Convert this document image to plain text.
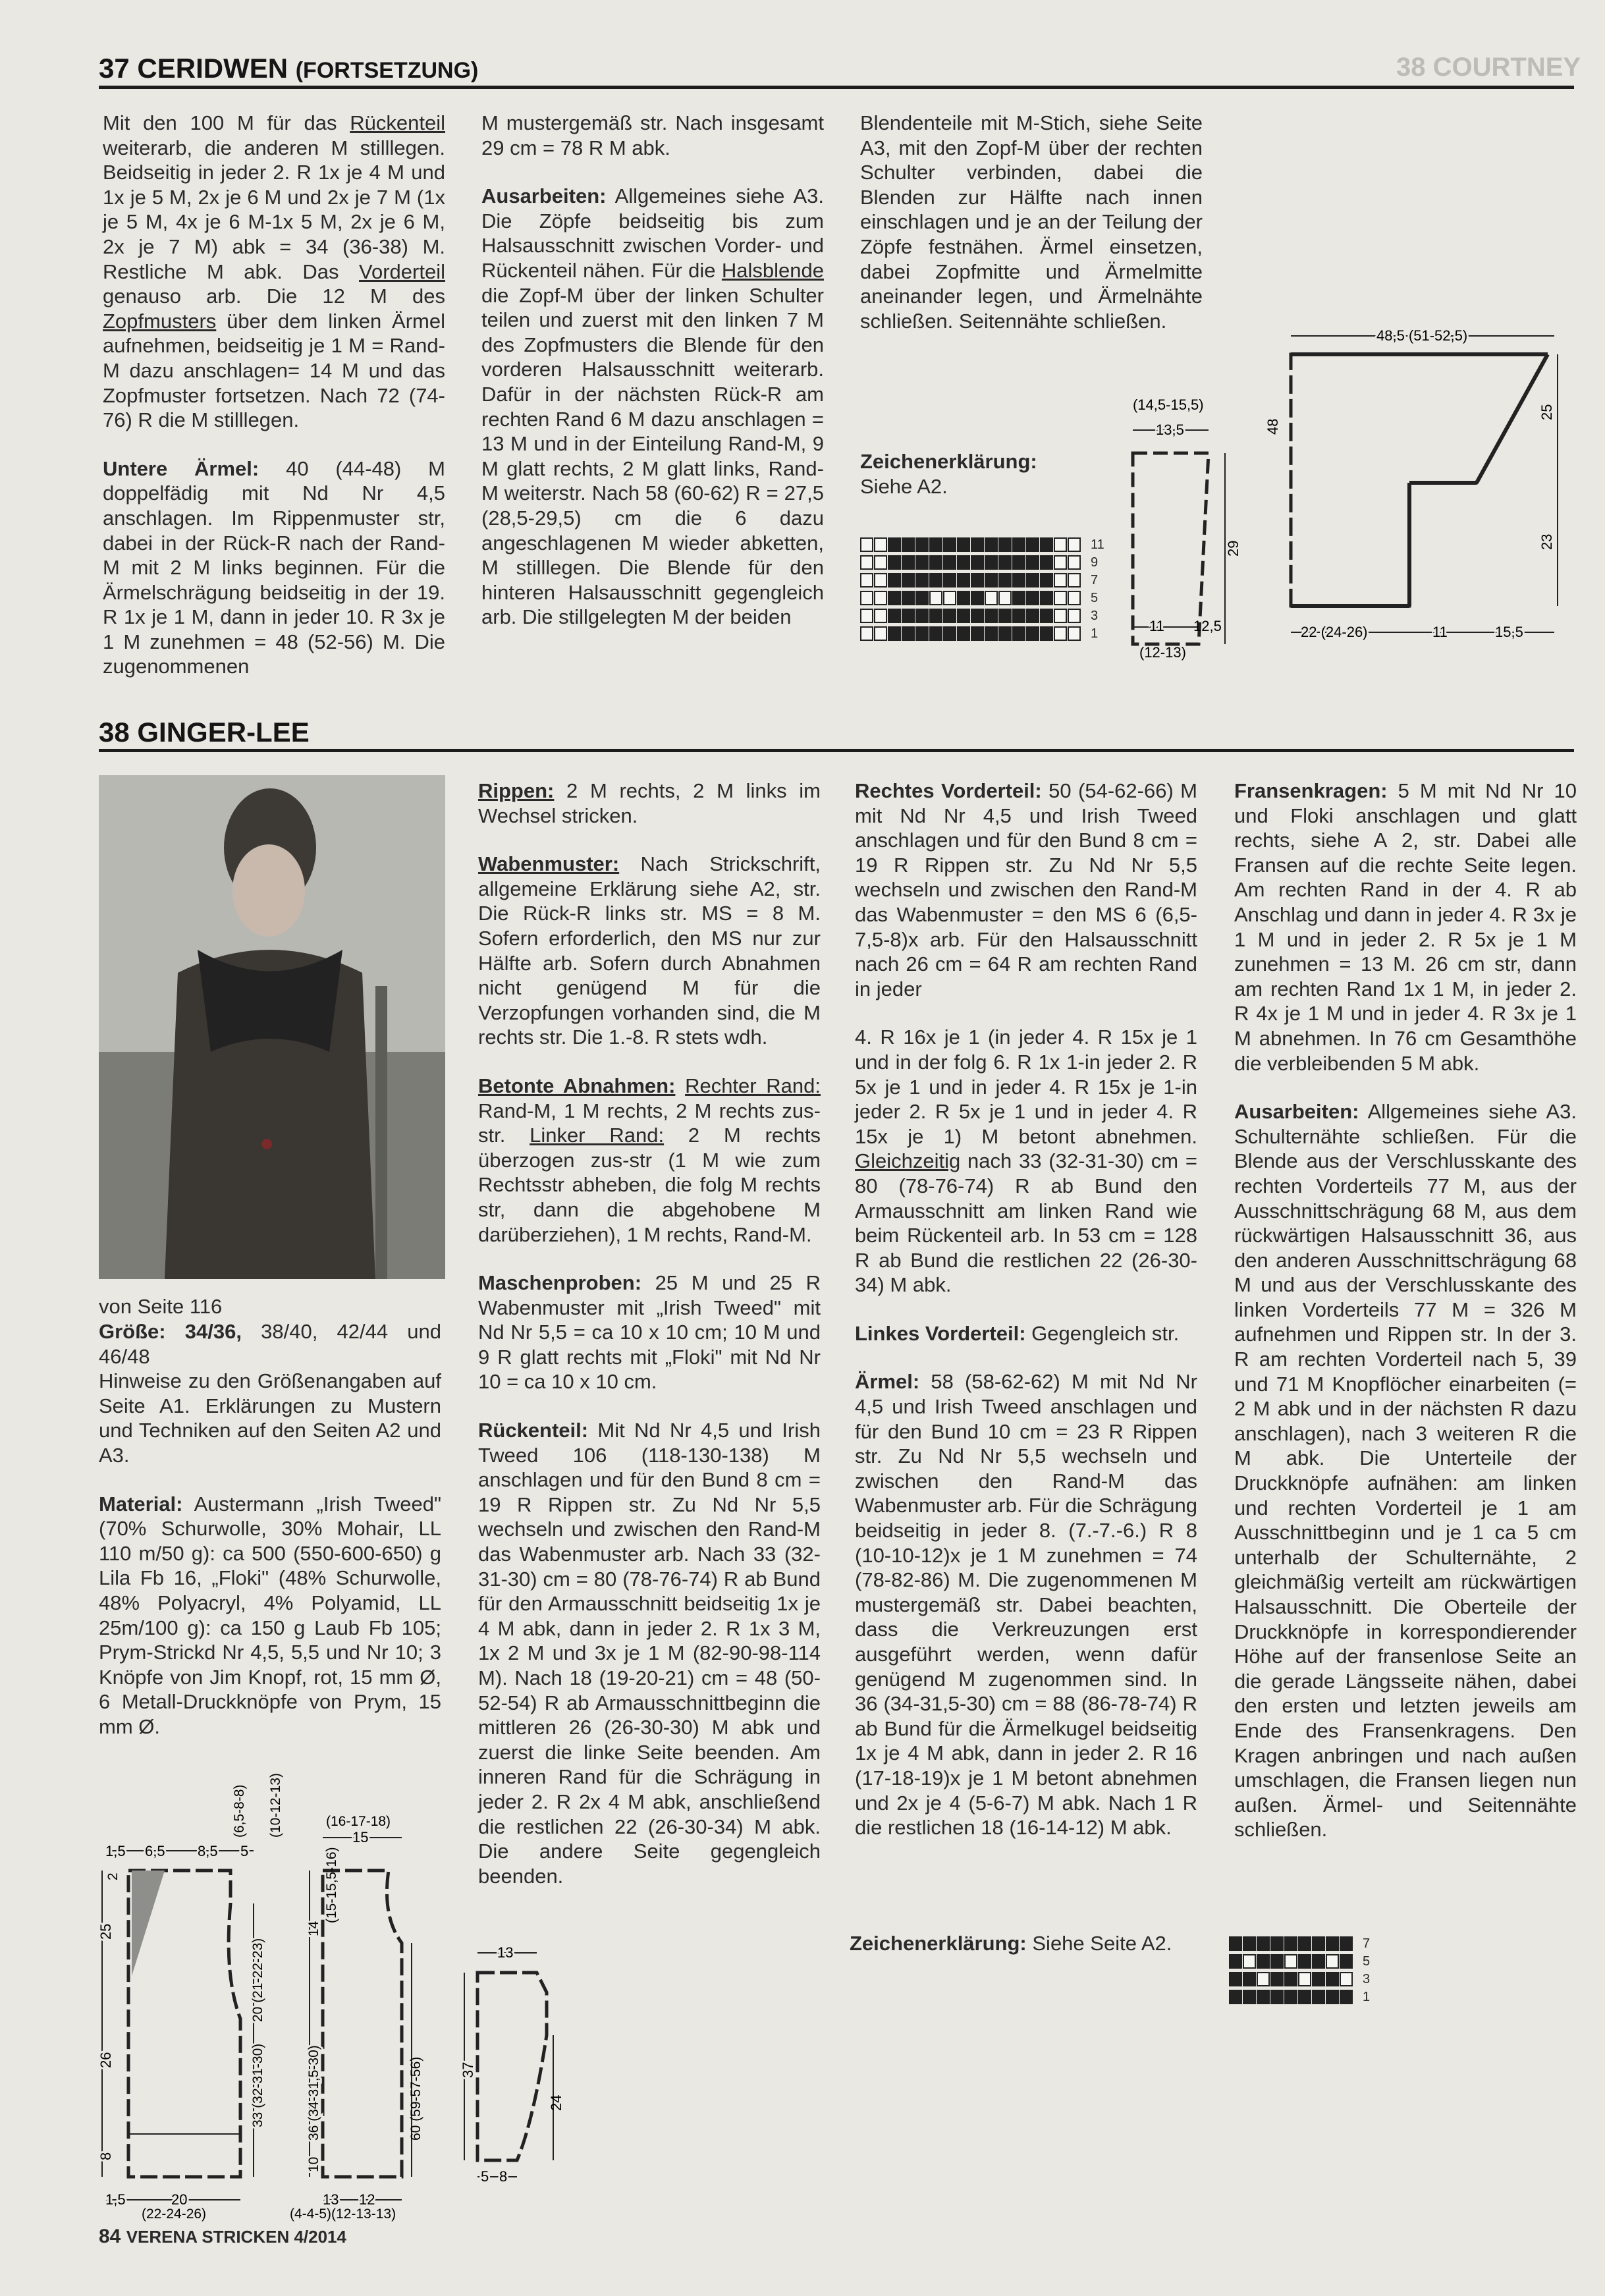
38 COURTNEY
37 CERIDWEN (FORTSETZUNG)

Mit den 100 M für das Rückenteil weiterarb, die anderen M stilllegen. Beidseitig in jeder 2. R 1x je 4 M und 1x je 5 M, 2x je 6 M und 2x je 7 M (1x je 5 M, 4x je 6 M-1x 5 M, 2x je 6 M, 2x je 7 M) abk = 34 (36-38) M. Restliche M abk. Das Vorderteil genauso arb. Die 12 M des Zopfmusters über dem linken Ärmel aufnehmen, beidseitig je 1 M = Rand-M dazu anschlagen= 14 M und das Zopfmuster fortsetzen. Nach 72 (74-76) R die M stilllegen.

Untere Ärmel: 40 (44-48) M doppelfädig mit Nd Nr 4,5 anschlagen. Im Rippenmuster str, dabei in der Rück-R nach der Rand-M mit 2 M links beginnen. Für die Ärmelschrägung beidseitig in der 19. R 1x je 1 M, dann in jeder 10. R 3x je 1 M zunehmen = 48 (52-56) M. Die zugenommenen

M mustergemäß str. Nach insgesamt 29 cm = 78 R M abk.

Ausarbeiten: Allgemeines siehe A3. Die Zöpfe beidseitig bis zum Halsausschnitt zwischen Vorder- und Rückenteil nähen. Für die Halsblende die Zopf-M über der linken Schulter teilen und zuerst mit den linken 7 M des Zopfmusters die Blende für den vorderen Halsausschnitt weiterarb. Dafür in der nächsten Rück-R am rechten Rand 6 M dazu anschlagen = 13 M und in der Einteilung Rand-M, 9 M glatt rechts, 2 M glatt links, Rand-M weiterstr. Nach 58 (60-62) R = 27,5 (28,5-29,5) cm die 6 dazu angeschlagenen M wieder abketten, M stilllegen. Die Blende für den hinteren Halsausschnitt gegengleich arb. Die stillgelegten M der beiden

Blendenteile mit M-Stich, siehe Seite A3, mit den Zopf-M über der rechten Schulter verbinden, dabei die Blenden zur Hälfte nach innen einschlagen und je an der Teilung der Zöpfe festnähen. Ärmel einsetzen, dabei Zopfmitte und Ärmelmitte aneinander legen, und Ärmelnähte schließen. Seitennähte schließen.

Zeichenerklärung:
Siehe A2.
11
9
7
5
3
1
(14,5-15,5)
13,5
29
11 12,5
(12-13)
48,5 (51-52,5)
48
25
23
22 (24-26)	11	15,5
38 GINGER-LEE
von Seite 116

Größe: 34/36, 38/40, 42/44 und 46/48
Hinweise zu den Größenangaben auf Seite A1. Erklärungen zu Mustern und Techniken auf den Seiten A2 und A3.

Material: Austermann „Irish Tweed" (70% Schurwolle, 30% Mohair, LL 110 m/50 g): ca 500 (550-600-650) g Lila Fb 16, „Floki" (48% Schurwolle, 48% Polyacryl, 4% Polyamid, LL 25m/100 g): ca 150 g Laub Fb 105; Prym-Strickd Nr 4,5, 5,5 und Nr 10; 3 Knöpfe von Jim Knopf, rot, 15 mm Ø, 6 Metall-Druckknöpfe von Prym, 15 mm Ø.

Rippen: 2 M rechts, 2 M links im Wechsel stricken.

Wabenmuster: Nach Strickschrift, allgemeine Erklärung siehe A2, str. Die Rück-R links str. MS = 8 M. Sofern erforderlich, den MS nur zur Hälfte arb. Sofern durch Abnahmen nicht genügend M für die Verzopfungen vorhanden sind, die M rechts str. Die 1.-8. R stets wdh.

Betonte Abnahmen: Rechter Rand: Rand-M, 1 M rechts, 2 M rechts zus-str. Linker Rand: 2 M rechts überzogen zus-str (1 M wie zum Rechtsstr abheben, die folg M rechts str, dann die abgehobene M darüberziehen), 1 M rechts, Rand-M.

Maschenproben: 25 M und 25 R Wabenmuster mit „Irish Tweed" mit Nd Nr 5,5 = ca 10 x 10 cm; 10 M und 9 R glatt rechts mit „Floki" mit Nd Nr 10 = ca 10 x 10 cm.

Rückenteil: Mit Nd Nr 4,5 und Irish Tweed 106 (118-130-138) M anschlagen und für den Bund 8 cm = 19 R Rippen str. Zu Nd Nr 5,5 wechseln und zwischen den Rand-M das Wabenmuster arb. Nach 33 (32-31-30) cm = 80 (78-76-74) R ab Bund für den Armausschnitt beidseitig 1x je 4 M abk, dann in jeder 2. R 1x 3 M, 1x 2 M und 3x je 1 M (82-90-98-114 M). Nach 18 (19-20-21) cm = 48 (50-52-54) R ab Armausschnittbeginn die mittleren 26 (26-30-30) M abk und zuerst die linke Seite beenden. Am inneren Rand für die Schrägung in jeder 2. R 2x 4 M abk, anschließend die restlichen 22 (26-30-34) M abk. Die andere Seite gegengleich beenden.

Rechtes Vorderteil: 50 (54-62-66) M mit Nd Nr 4,5 und Irish Tweed anschlagen und für den Bund 8 cm = 19 R Rippen str. Zu Nd Nr 5,5 wechseln und zwischen den Rand-M das Wabenmuster = den MS 6 (6,5-7,5-8)x arb. Für den Halsausschnitt nach 26 cm = 64 R am rechten Rand in jeder

4. R 16x je 1 (in jeder 4. R 15x je 1 und in der folg 6. R 1x 1-in jeder 2. R 5x je 1 und in jeder 4. R 15x je 1-in jeder 2. R 5x je 1 und in jeder 4. R 15x je 1) M betont abnehmen. Gleichzeitig nach 33 (32-31-30) cm = 80 (78-76-74) R ab Bund den Armausschnitt am linken Rand wie beim Rückenteil arb. In 53 cm = 128 R ab Bund die restlichen 22 (26-30-34) M abk.

Linkes Vorderteil: Gegengleich str.

Ärmel: 58 (58-62-62) M mit Nd Nr 4,5 und Irish Tweed anschlagen und für den Bund 10 cm = 23 R Rippen str. Zu Nd Nr 5,5 wechseln und zwischen den Rand-M das Wabenmuster arb. Für die Schrägung beidseitig in jeder 8. (7.-7.-6.) R 8 (10-10-12)x je 1 M zunehmen = 74 (78-82-86) M. Die zugenommenen M mustergemäß str. Dabei beachten, dass die Verkreuzungen erst ausgeführt werden, wenn dafür genügend M zugenommen sind. In 36 (34-31,5-30) cm = 88 (86-78-74) R ab Bund für die Ärmelkugel beidseitig 1x je 4 M abk, dann in jeder 2. R 16 (17-18-19)x je 1 M betont abnehmen und 2x je 4 (5-6-7) M abk. Nach 1 R die restlichen 18 (16-14-12) M abk.

Fransenkragen: 5 M mit Nd Nr 10 und Floki anschlagen und glatt rechts, siehe A 2, str. Dabei alle Fransen auf die rechte Seite legen. Am rechten Rand in der 4. R ab Anschlag und dann in jeder 4. R 3x je 1 M und in jeder 2. R 5x je 1 M zunehmen = 13 M. 26 cm str, dann am rechten Rand 1x 1 M, in jeder 2. R 4x je 1 M und in jeder 4. R 3x je 1 M abnehmen. In 76 cm Gesamthöhe die verbleibenden 5 M abk.

Ausarbeiten: Allgemeines siehe A3. Schulternähte schließen. Für die Blende aus der Verschlusskante des rechten Vorderteils 77 M, aus der Ausschnittschrägung 68 M, aus dem rückwärtigen Halsausschnitt 36, aus den anderen Ausschnittschrägung 68 M und aus der Verschlusskante des linken Vorderteils 77 M = 326 M aufnehmen und Rippen str. In der 3. R am rechten Vorderteil nach 5, 39 und 71 M Knopflöcher einarbeiten (= 2 M abk und in der nächsten R dazu anschlagen), nach 3 weiteren R die M abk. Die Unterteile der Druckknöpfe aufnähen: am linken und rechten Vorderteil je 1 am Ausschnittbeginn und je 1 ca 5 cm unterhalb der Schulternähte, 2 gleichmäßig verteilt am rückwärtigen Halsausschnitt. Die Oberteile der Druckknöpfe in korrespondierender Höhe auf der fransenlose Seite an die gerade Längsseite nähen, dabei den ersten und letzten jeweils am Ende des Fransenkragens. Den Kragen anbringen und nach außen umschlagen, die Fransen liegen nun außen. Ärmel- und Seitennähte schließen.

Zeichenerklärung: Siehe Seite A2.	7
5
3
1
(6,5-8-8) (10-12-13)
1,5 6,5 8,5 5
2
25
26
8
20 (21-22-23)
33 (32-31-30)
1,5	20
(22-24-26)
(16-17-18)
15
14
(15-15,5-16)
36 (34-31,5-30)
10
60 (59-57-56)
13 12
(4-4-5)(12-13-13)
13
37
24
5 8
84 VERENA STRICKEN 4/2014
